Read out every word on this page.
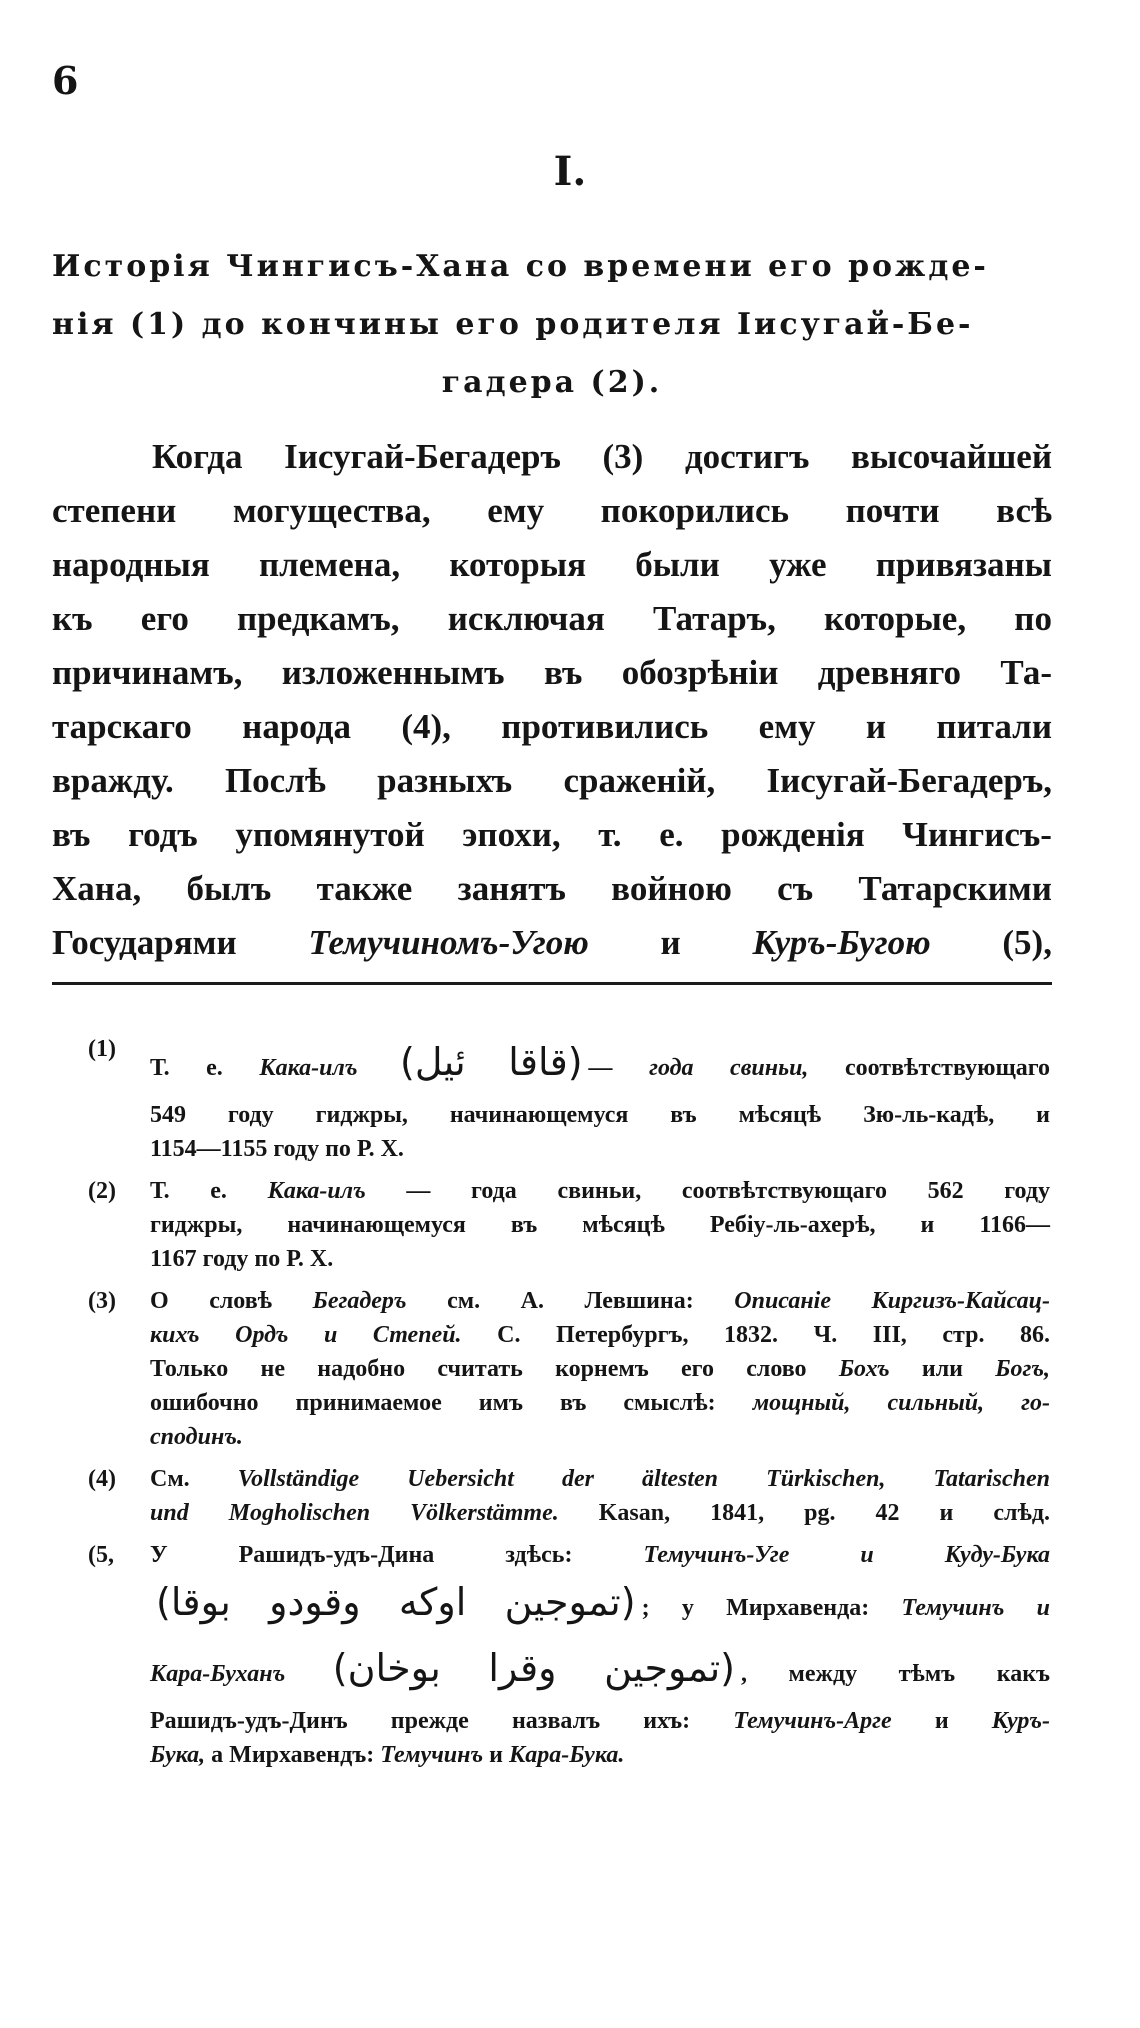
6
I.
Исторія Чингисъ-Хана со времени его рожде-
нія (1) до кончины его родителя Іисугай-Бе-
гадера (2).
Когда Іисугай-Бегадеръ (3) достигъ высочайшей
степени могущества, ему покорились почти всѣ
народныя племена, которыя были уже привязаны
къ его предкамъ, исключая Татаръ, которые, по
причинамъ, изложеннымъ въ обозрѣніи древняго Та-
тарскаго народа (4), противились ему и питали
вражду. Послѣ разныхъ сраженій, Іисугай-Бегадеръ,
въ годъ упомянутой эпохи, т. е. рожденія Чингисъ-
Хана, былъ также занятъ войною съ Татарскими
Государями Темучиномъ-Угою и Куръ-Бугою (5),
(1)
Т. е. Кака-илъ (قاقا ئيل) — года свиньи, соотвѣтствующаго
549 году гиджры, начинающемуся въ мѣсяцѣ Зю-ль-кадѣ, и
1154—1155 году по Р. Х.
(2) Т. е. Кака-илъ — года свиньи, соотвѣтствующаго 562 году
гиджры, начинающемуся въ мѣсяцѣ Ребіу-ль-ахерѣ, и 1166—
1167 году по Р. Х.
(3) О словѣ Бегадеръ см. А. Левшина: Описаніе Киргизъ-Кайсац-
кихъ Ордъ и Степей. С. Петербургъ, 1832. Ч. III, стр. 86.
Только не надобно считать корнемъ его слово Бохъ или Богъ,
ошибочно принимаемое имъ въ смыслѣ: мощный, сильный, го-
сподинъ.
(4) См. Vollständige Uebersicht der ältesten Türkischen, Tatarischen
und Mogholischen Völkerstämme. Kasan, 1841, pg. 42 и слѣд.
(5, У Рашидъ-удъ-Дина здѣсь:	Темучинъ-Уге и Куду-Бука
(تموجين اوكه وقودو بوقا) ; у Мирхавенда: Темучинъ и
Кара-Буханъ (تموجين وقرا بوخان) , между тѣмъ какъ
Рашидъ-удъ-Динъ прежде назвалъ ихъ: Темучинъ-Арге и Куръ-
Бука, а Мирхавендъ: Темучинъ и Кара-Бука.
